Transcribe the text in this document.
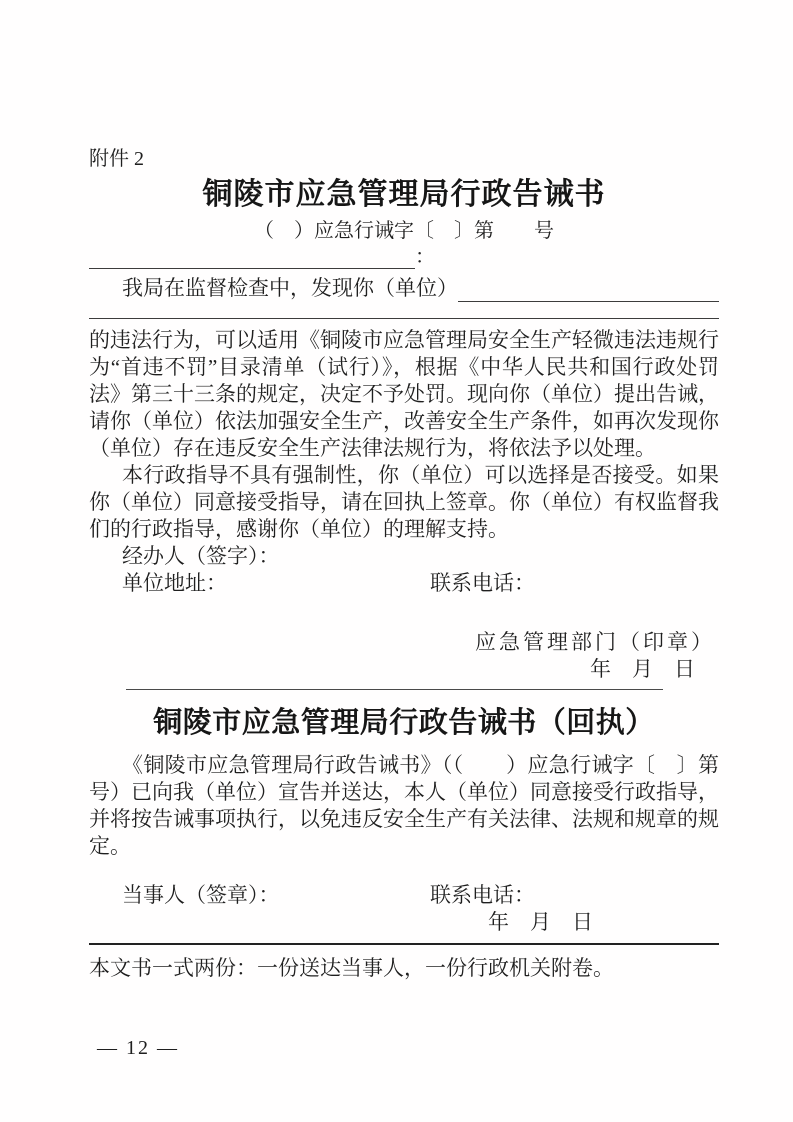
附件 2
铜陵市应急管理局行政告诫书
（　）应急行诫字〔　〕第　　号
：
我局在监督检查中，发现你（单位）
的违法行为，可以适用《铜陵市应急管理局安全生产轻微违法违规行为“首违不罚”目录清单（试行）》，根据《中华人民共和国行政处罚法》第三十三条的规定，决定不予处罚。现向你（单位）提出告诫，请你（单位）依法加强安全生产，改善安全生产条件，如再次发现你（单位）存在违反安全生产法律法规行为，将依法予以处理。
本行政指导不具有强制性，你（单位）可以选择是否接受。如果你（单位）同意接受指导，请在回执上签章。你（单位）有权监督我们的行政指导，感谢你（单位）的理解支持。
经办人（签字）：
单位地址：	联系电话：
应急管理部门（印章）
年　月　日
铜陵市应急管理局行政告诫书（回执）
《铜陵市应急管理局行政告诫书》（（　　）应急行诫字〔　〕第　　号）已向我（单位）宣告并送达，本人（单位）同意接受行政指导，并将按告诫事项执行，以免违反安全生产有关法律、法规和规章的规定。
当事人（签章）：	联系电话：
年　月　日
本文书一式两份：一份送达当事人，一份行政机关附卷。
— 12 —
